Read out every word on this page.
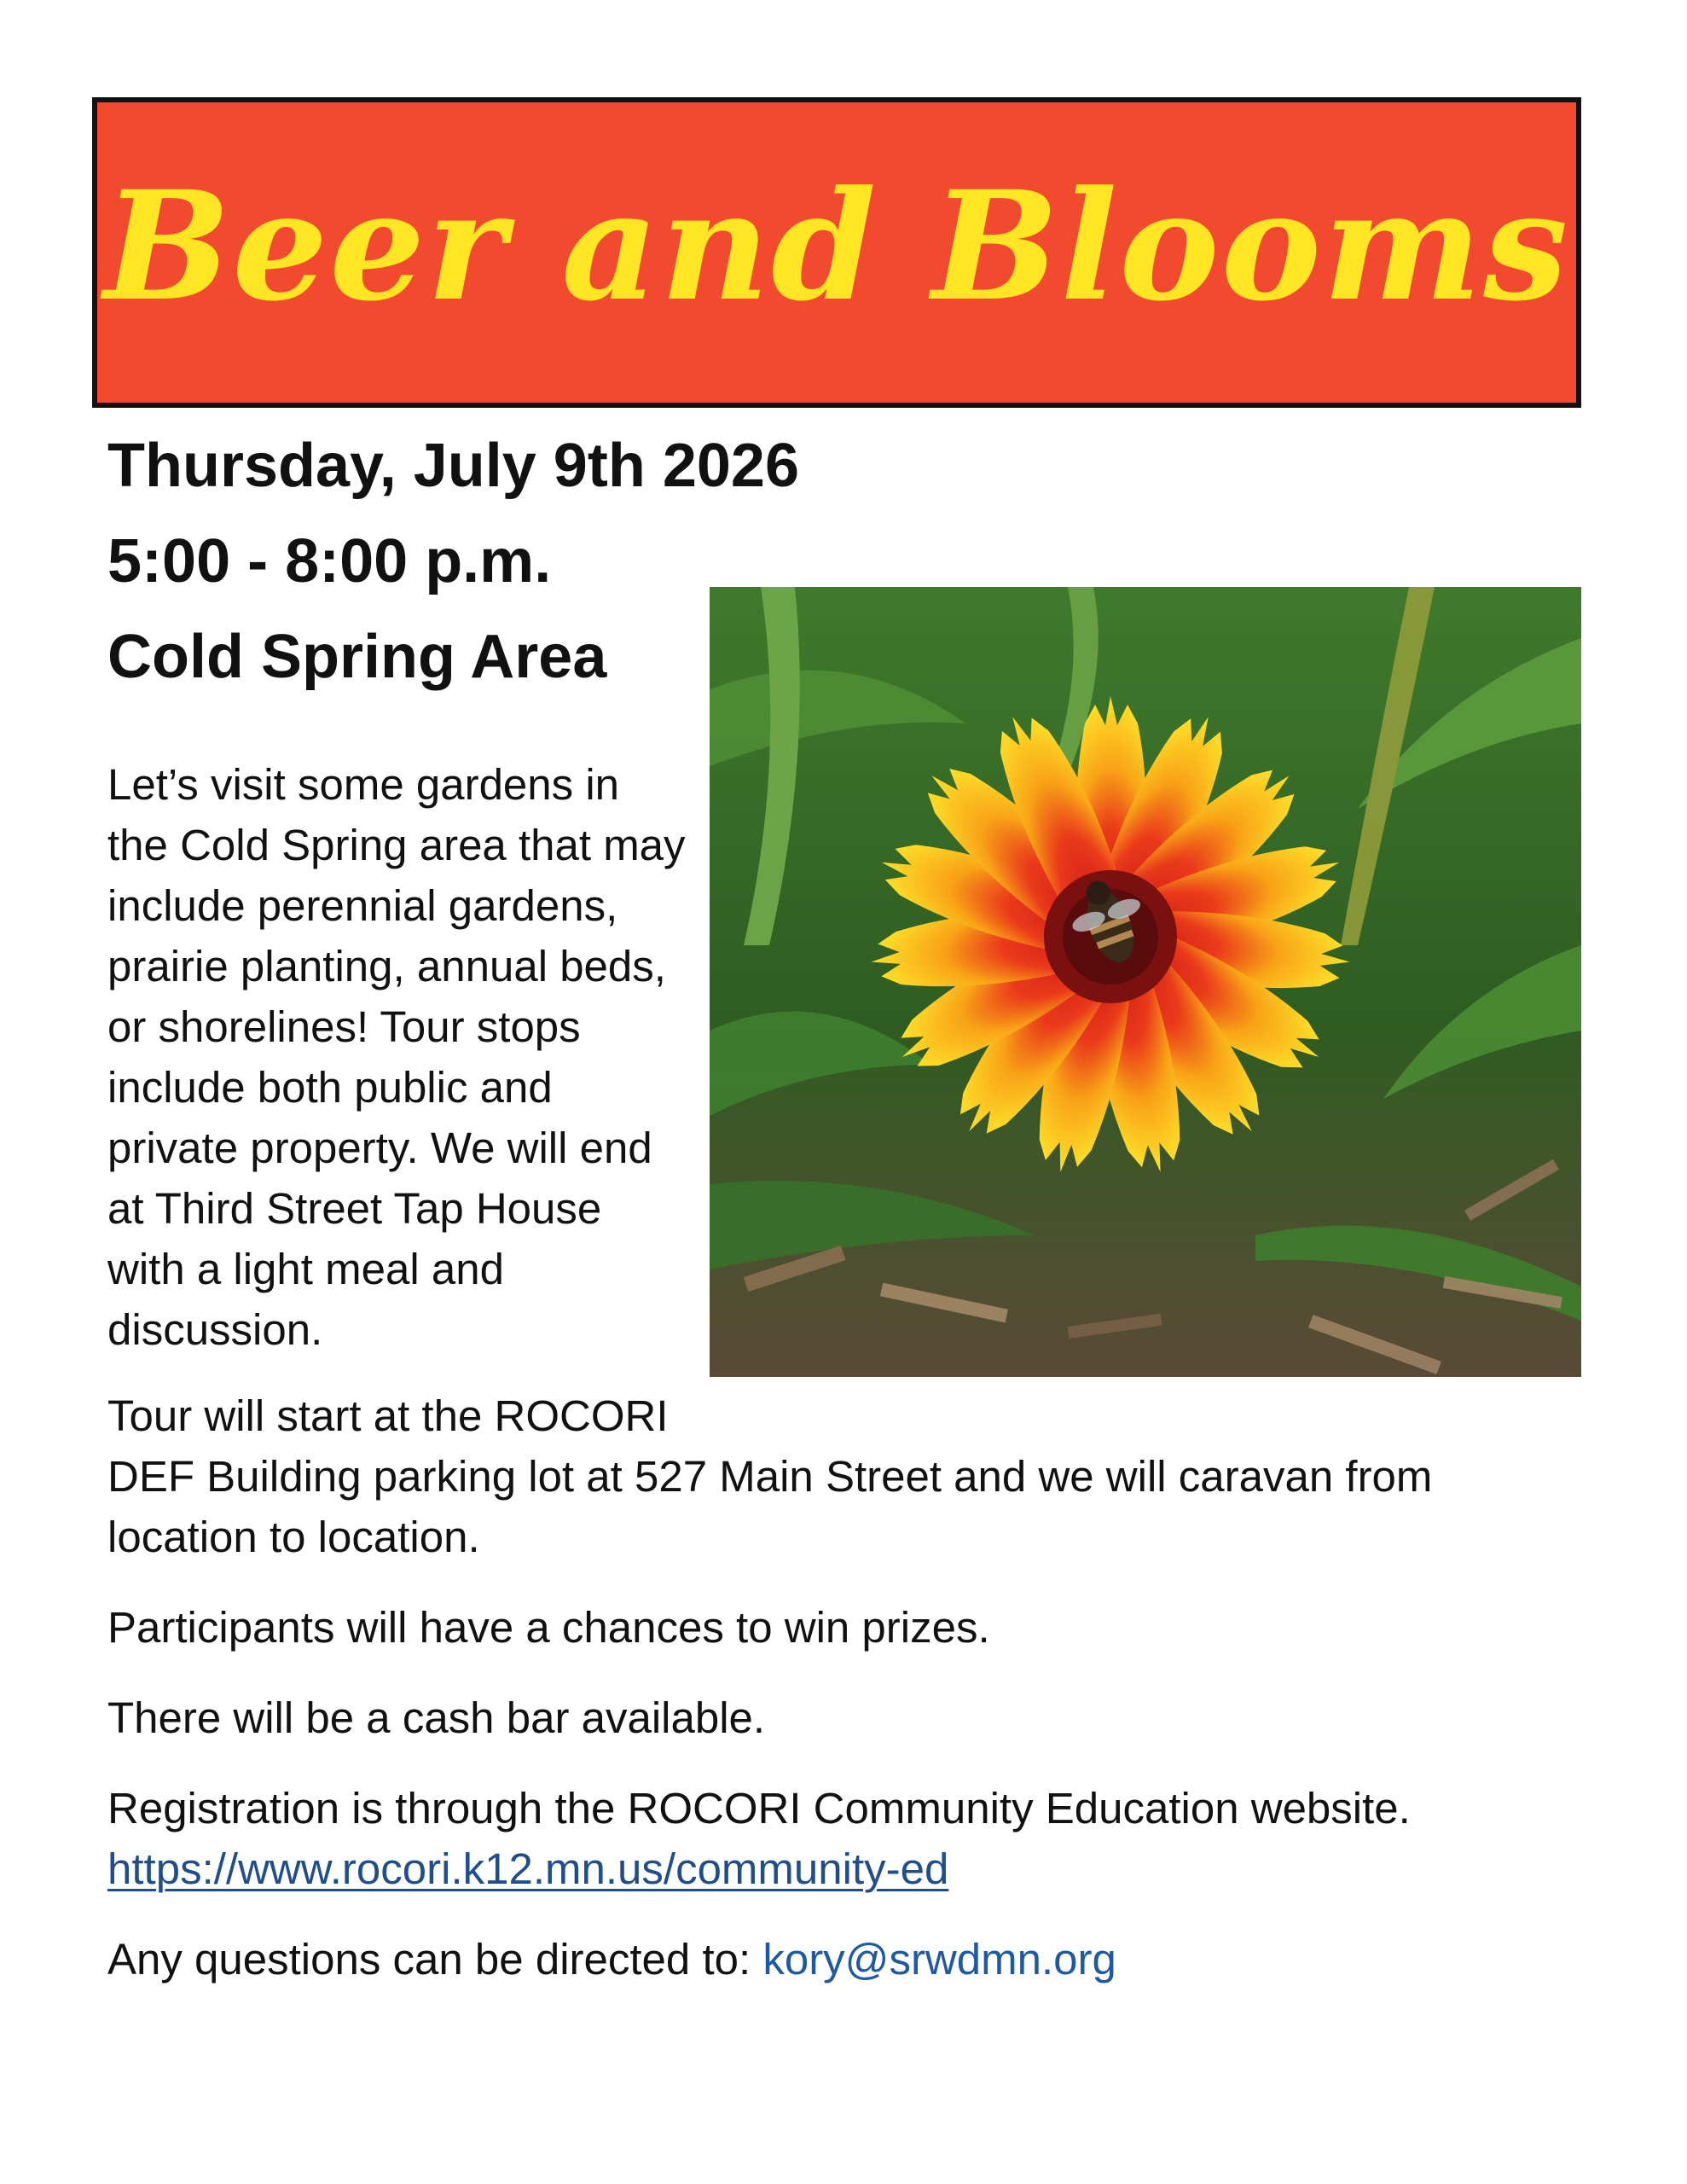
Beer and Blooms
Thursday, July 9th 2026
5:00 - 8:00 p.m.
Cold Spring Area

Let’s visit some gardens in the Cold Spring area that may include perennial gardens, prairie planting, annual beds, or shorelines! Tour stops include both public and private property. We will end at Third Street Tap House with a light meal and discussion.

Tour will start at the ROCORI
DEF Building parking lot at 527 Main Street and we will caravan from location to location.

Participants will have a chances to win prizes.

There will be a cash bar available.

Registration is through the ROCORI Community Education website.
https://www.rocori.k12.mn.us/community-ed

Any questions can be directed to: kory@srwdmn.org
